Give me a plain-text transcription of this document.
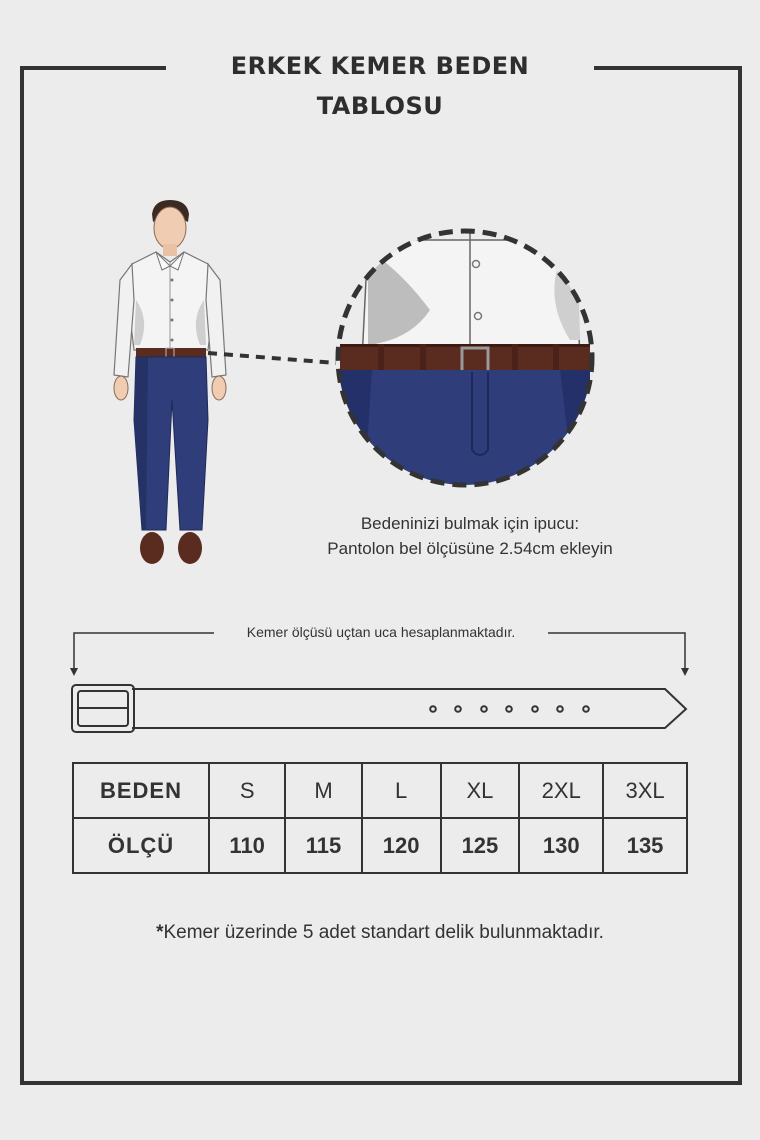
ERKEK KEMER BEDEN TABLOSU
Bedeninizi bulmak için ipucu:
Pantolon bel ölçüsüne 2.54cm ekleyin
Kemer ölçüsü uçtan uca hesaplanmaktadır.
BEDEN	S	M	L	XL	2XL	3XL
ÖLÇÜ	110	115	120	125	130	135
*Kemer üzerinde 5 adet standart delik bulunmaktadır.
